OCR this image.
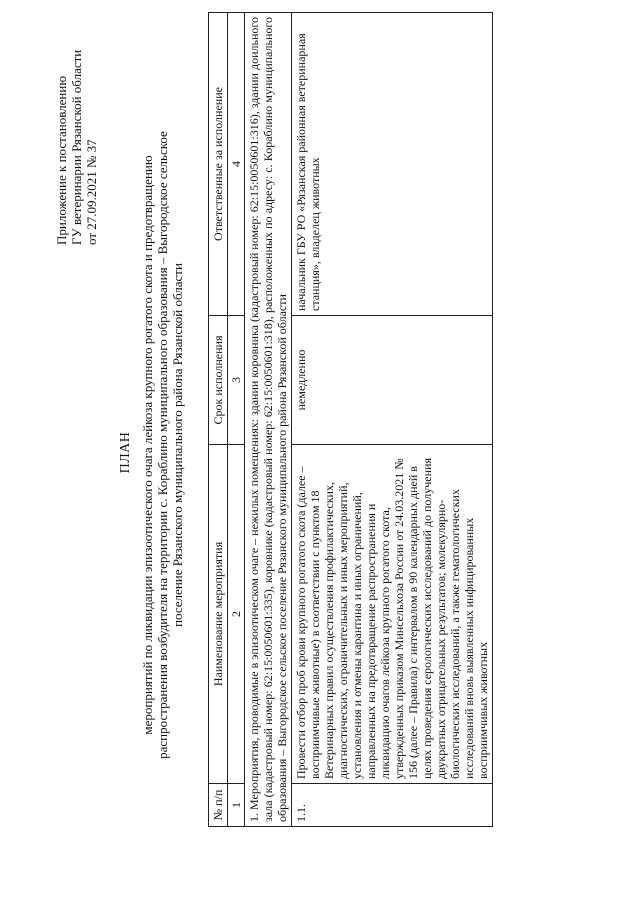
Приложение к постановлению ГУ ветеринарии Рязанской области от 27.09.2021 № 37
ПЛАН мероприятий по ликвидации эпизоотического очага лейкоза крупного рогатого скота и предотвращению распространения возбудителя на территории с. Кораблино муниципального образования – Выгородское сельское поселение Рязанского муниципального района Рязанской области
№ п/п	Наименование мероприятия	Срок исполнения	Ответственные за исполнение
1	2	3	4
1. Мероприятия, проводимые в эпизоотическом очаге – нежилых помещениях: здании коровника (кадастровый номер: 62:15:0050601:316), здании доильного зала (кадастровый номер: 62:15:0050601:335), коровнике (кадастровый номер: 62:15:0050601:318), расположенных по адресу: с. Кораблино муниципального образования – Выгородское сельское поселение Рязанского муниципального района Рязанской области			
1.1.	Провести отбор проб крови крупного рогатого скота (далее – восприимчивые животные) в соответствии с пунктом 18 Ветеринарных правил осуществления профилактических, диагностических, ограничительных и иных мероприятий, установления и отмены карантина и иных ограничений, направленных на предотвращение распространения и ликвидацию очагов лейкоза крупного рогатого скота, утвержденных приказом Минсельхоза России от 24.03.2021 № 156 (далее – Правила) с интервалом в 90 календарных дней в целях проведения серологических исследований до получения двукратных отрицательных результатов; молекулярно-биологических исследований, а также гематологических исследований вновь выявленных инфицированных восприимчивых животных	немедленно	начальник ГБУ РО «Рязанская районная ветеринарная станция», владелец животных
